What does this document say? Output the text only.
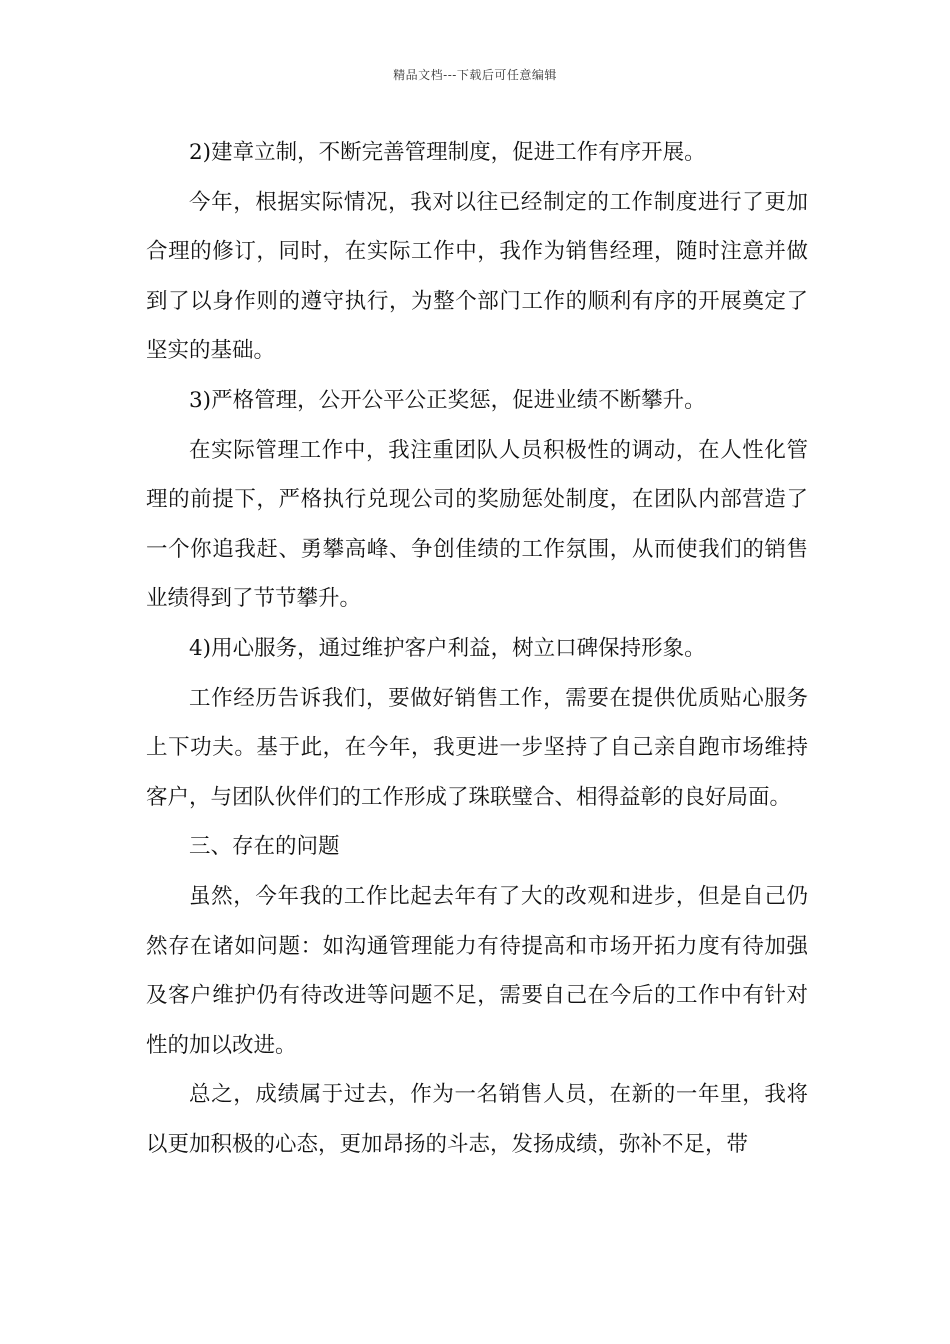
精品文档---下载后可任意编辑

2)建章立制，不断完善管理制度，促进工作有序开展。

今年，根据实际情况，我对以往已经制定的工作制度进行了更加合理的修订，同时，在实际工作中，我作为销售经理，随时注意并做到了以身作则的遵守执行，为整个部门工作的顺利有序的开展奠定了坚实的基础。

3)严格管理，公开公平公正奖惩，促进业绩不断攀升。

在实际管理工作中，我注重团队人员积极性的调动，在人性化管理的前提下，严格执行兑现公司的奖励惩处制度，在团队内部营造了一个你追我赶、勇攀高峰、争创佳绩的工作氛围，从而使我们的销售业绩得到了节节攀升。

4)用心服务，通过维护客户利益，树立口碑保持形象。

工作经历告诉我们，要做好销售工作，需要在提供优质贴心服务上下功夫。基于此，在今年，我更进一步坚持了自己亲自跑市场维持客户，与团队伙伴们的工作形成了珠联璧合、相得益彰的良好局面。

三、存在的问题

虽然，今年我的工作比起去年有了大的改观和进步，但是自己仍然存在诸如问题：如沟通管理能力有待提高和市场开拓力度有待加强及客户维护仍有待改进等问题不足，需要自己在今后的工作中有针对性的加以改进。

总之，成绩属于过去，作为一名销售人员，在新的一年里，我将以更加积极的心态，更加昂扬的斗志，发扬成绩，弥补不足，带
